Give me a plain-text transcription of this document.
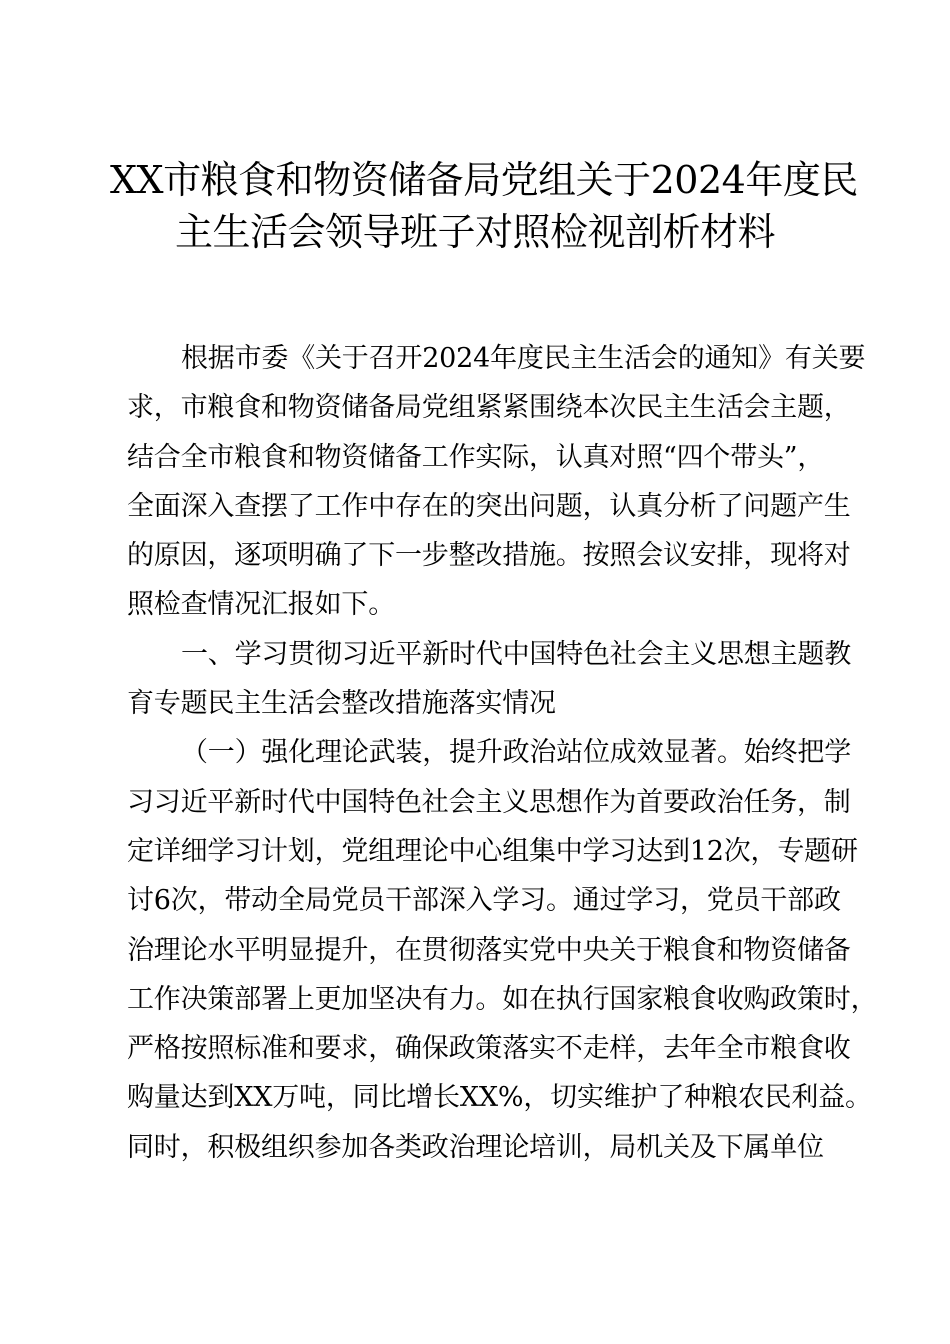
XX市粮食和物资储备局党组关于2024年度民
主生活会领导班子对照检视剖析材料
根据市委《关于召开2024年度民主生活会的通知》有关要
求，市粮食和物资储备局党组紧紧围绕本次民主生活会主题，
结合全市粮食和物资储备工作实际，认真对照“四个带头”，
全面深入查摆了工作中存在的突出问题，认真分析了问题产生
的原因，逐项明确了下一步整改措施。按照会议安排，现将对
照检查情况汇报如下。
一、学习贯彻习近平新时代中国特色社会主义思想主题教
育专题民主生活会整改措施落实情况
（一）强化理论武装，提升政治站位成效显著。始终把学
习习近平新时代中国特色社会主义思想作为首要政治任务，制
定详细学习计划，党组理论中心组集中学习达到12次，专题研
讨6次，带动全局党员干部深入学习。通过学习，党员干部政
治理论水平明显提升，在贯彻落实党中央关于粮食和物资储备
工作决策部署上更加坚决有力。如在执行国家粮食收购政策时，
严格按照标准和要求，确保政策落实不走样，去年全市粮食收
购量达到XX万吨，同比增长XX%，切实维护了种粮农民利益。
同时，积极组织参加各类政治理论培训，局机关及下属单位
